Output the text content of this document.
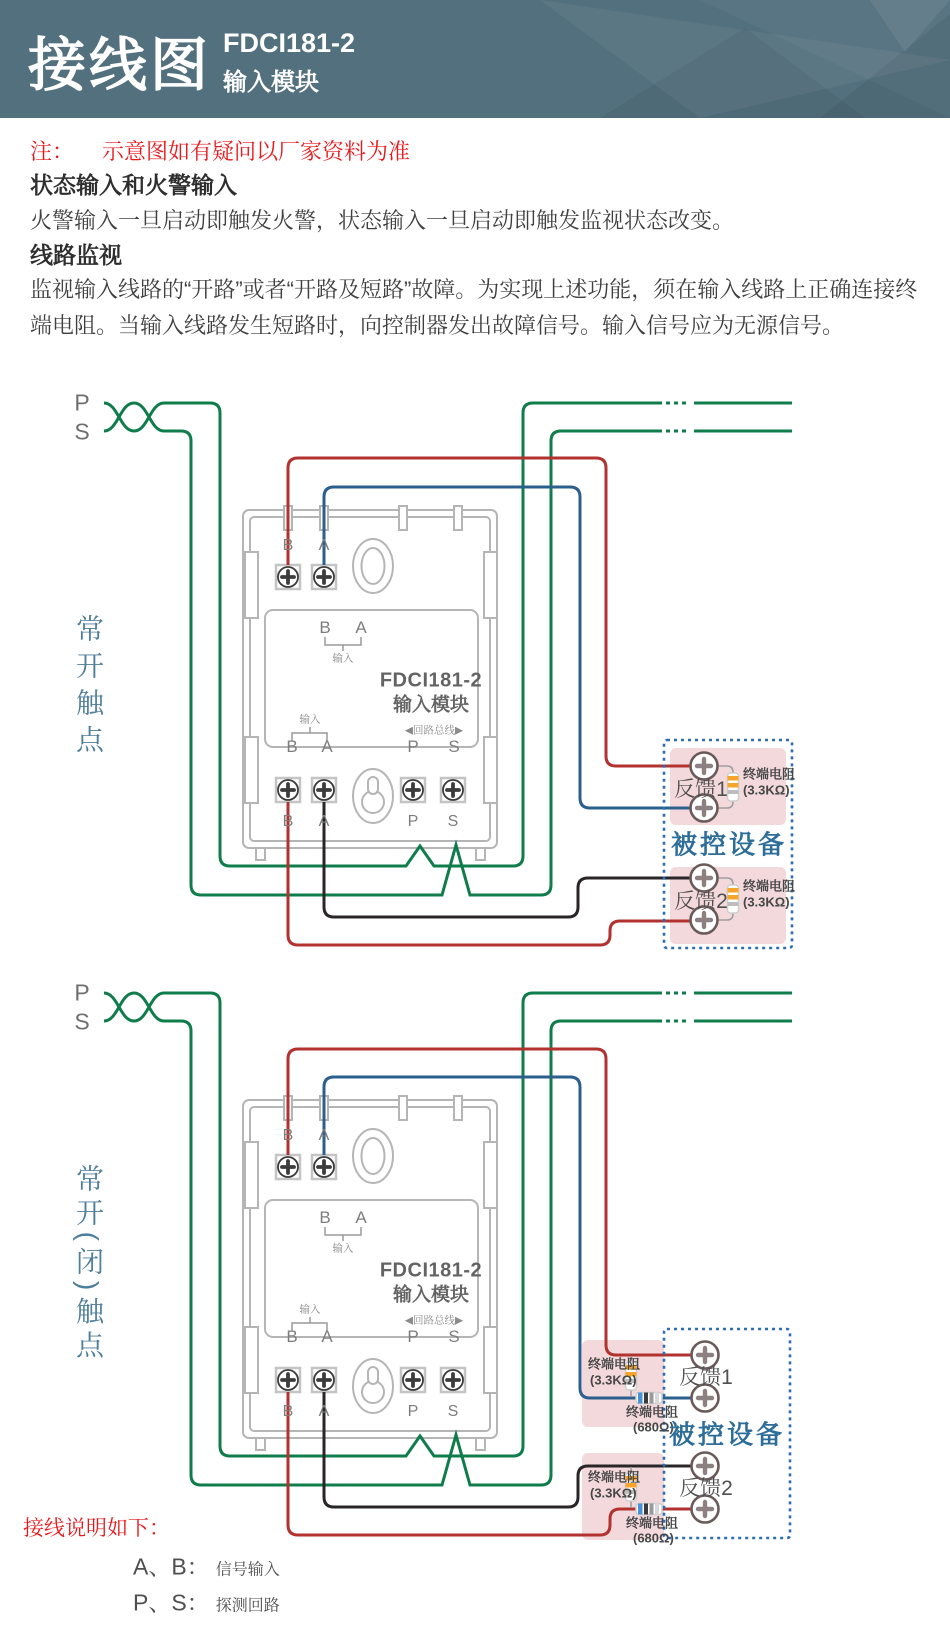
接线图 FDCI181-2
输入模块
注： 示意图如有疑问以厂家资料为准
状态输入和火警输入
火警输入一旦启动即触发火警，状态输入一旦启动即触发监视状态改变。
线路监视
监视输入线路的“开路”或者“开路及短路”故障。为实现上述功能，须在输入线路上正确连接终端电阻。当输入线路发生短路时，向控制器发出故障信号。输入信号应为无源信号。
P
S
常开触点
B A
B A
输入
FDCI181-2
输入模块
输入
◀回路总线▶
B A	P S
B A	P S
反馈1
终端电阻
(3.3KΩ)
被控设备
反馈2
终端电阻
(3.3KΩ)
P
S
常开(闭)触点
B A
B A
输入
FDCI181-2
输入模块
输入
◀回路总线▶
B A	P S
B A	P S
终端电阻
(3.3KΩ) 反馈1
终端电阻
(680Ω)
被控设备
终端电阻
(3.3KΩ) 反馈2
终端电阻
(680Ω)
接线说明如下：
A、B： 信号输入
P、S： 探测回路
